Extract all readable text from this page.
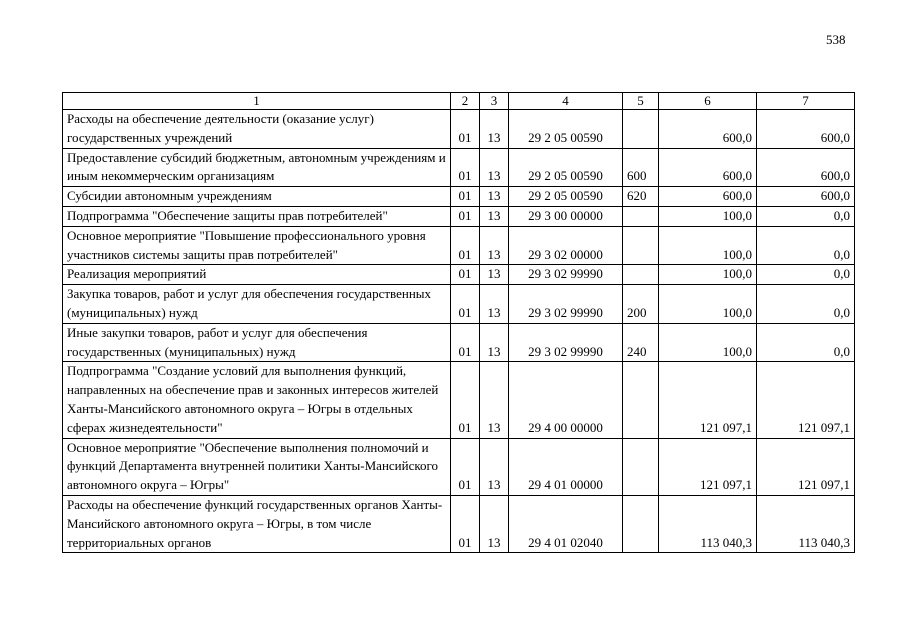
538
1	2	3	4	5	6	7
Расходы на обеспечение деятельности (оказание услуг) государственных учреждений	01	13	29 2 05 00590		600,0	600,0
Предоставление субсидий бюджетным, автономным учреждениям и иным некоммерческим организациям	01	13	29 2 05 00590	600	600,0	600,0
Субсидии автономным учреждениям	01	13	29 2 05 00590	620	600,0	600,0
Подпрограмма "Обеспечение защиты прав потребителей"	01	13	29 3 00 00000		100,0	0,0
Основное мероприятие "Повышение профессионального уровня участников системы защиты прав потребителей"	01	13	29 3 02 00000		100,0	0,0
Реализация мероприятий	01	13	29 3 02 99990		100,0	0,0
Закупка товаров, работ и услуг для обеспечения государственных (муниципальных) нужд	01	13	29 3 02 99990	200	100,0	0,0
Иные закупки товаров, работ и услуг для обеспечения государственных (муниципальных) нужд	01	13	29 3 02 99990	240	100,0	0,0
Подпрограмма "Создание условий для выполнения функций, направленных на обеспечение прав и законных интересов жителей Ханты-Мансийского автономного округа – Югры в отдельных сферах жизнедеятельности"	01	13	29 4 00 00000		121 097,1	121 097,1
Основное мероприятие "Обеспечение выполнения полномочий и функций Департамента внутренней политики Ханты-Мансийского автономного округа – Югры"	01	13	29 4 01 00000		121 097,1	121 097,1
Расходы на обеспечение функций государственных органов Ханты-Мансийского автономного округа – Югры, в том числе территориальных органов	01	13	29 4 01 02040		113 040,3	113 040,3
